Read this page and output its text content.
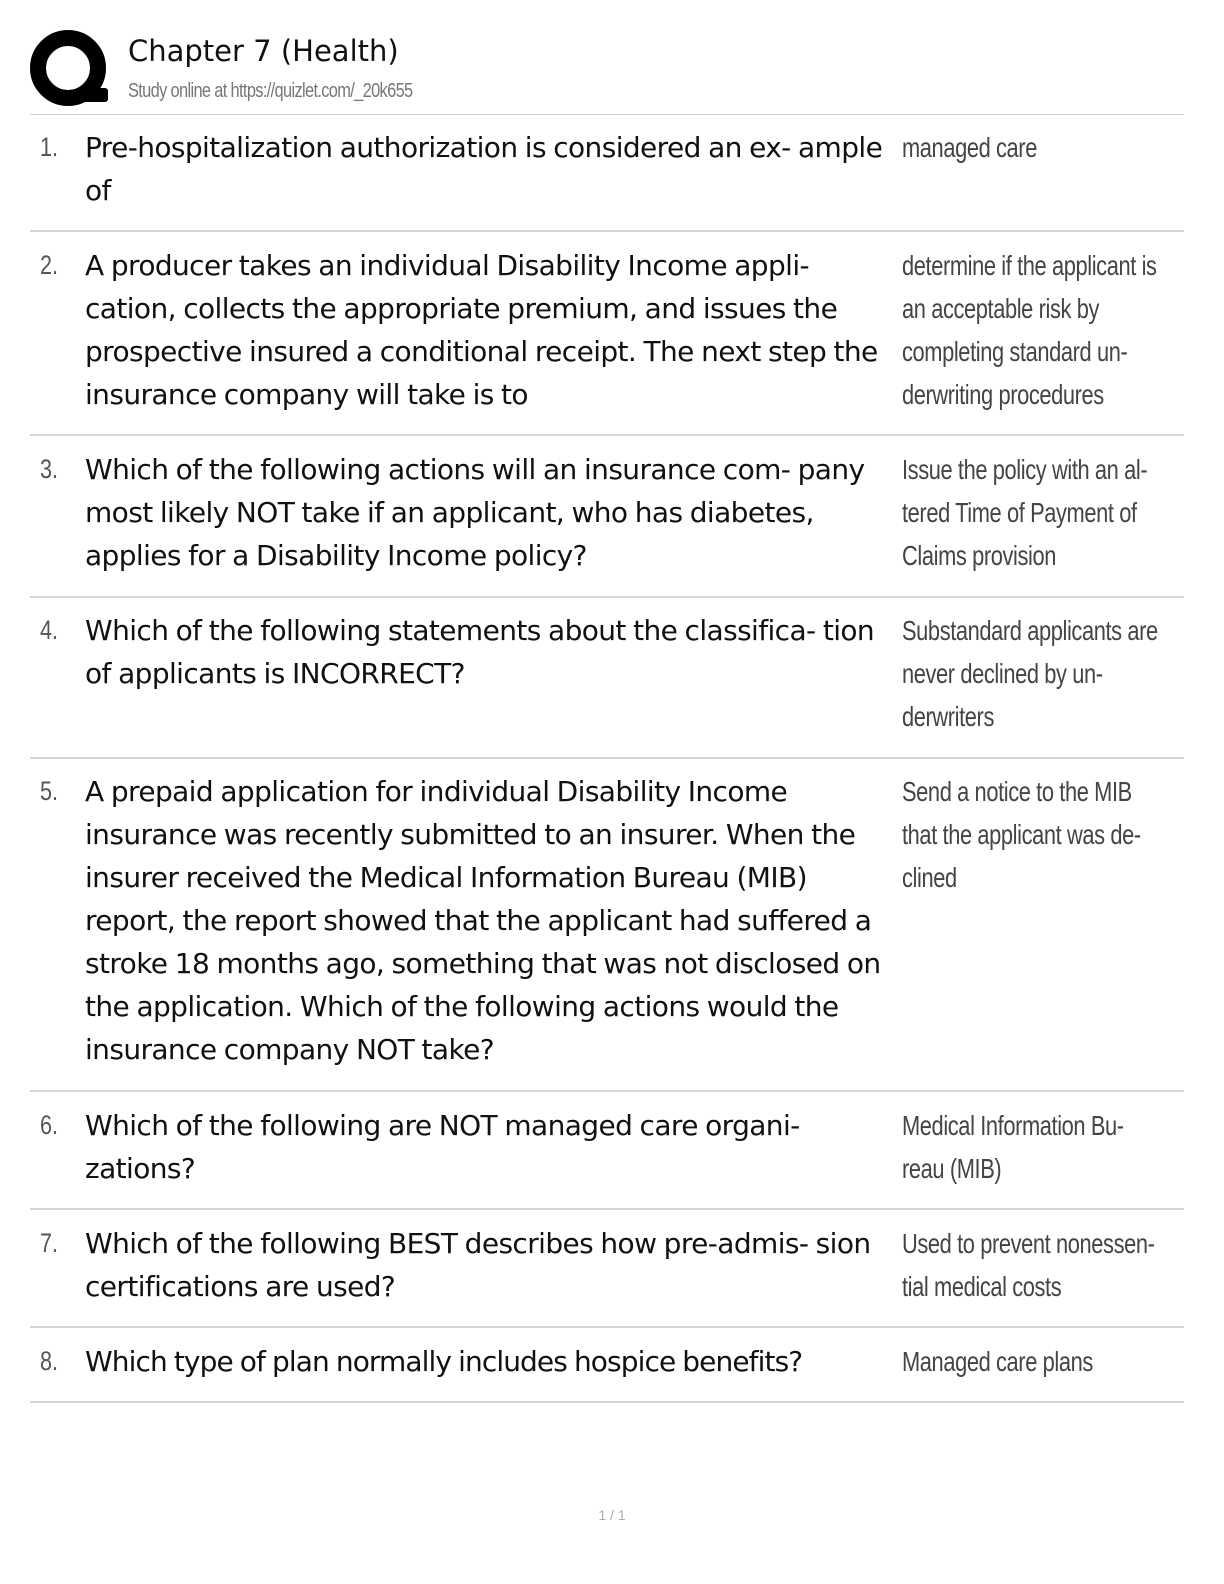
Chapter 7 (Health)
Study online at https://quizlet.com/_20k655
1. Pre-hospitalization authorization is considered an ex- ample of
managed care
2. A producer takes an individual Disability Income appli- cation, collects the appropriate premium, and issues the prospective insured a conditional receipt. The next step the insurance company will take is to
determine if the applicant is an acceptable risk by completing standard un- derwriting procedures
3. Which of the following actions will an insurance com- pany most likely NOT take if an applicant, who has diabetes, applies for a Disability Income policy?
Issue the policy with an al- tered Time of Payment of Claims provision
4. Which of the following statements about the classifica- tion of applicants is INCORRECT?
Substandard applicants are never declined by un- derwriters
5. A prepaid application for individual Disability Income insurance was recently submitted to an insurer. When the insurer received the Medical Information Bureau (MIB) report, the report showed that the applicant had suffered a stroke 18 months ago, something that was not disclosed on the application. Which of the following actions would the insurance company NOT take?
Send a notice to the MIB that the applicant was de- clined
6. Which of the following are NOT managed care organi- zations?
Medical Information Bu- reau (MIB)
7. Which of the following BEST describes how pre-admis- sion certifications are used?
Used to prevent nonessen- tial medical costs
8. Which type of plan normally includes hospice benefits?	Managed care plans
1 / 1
